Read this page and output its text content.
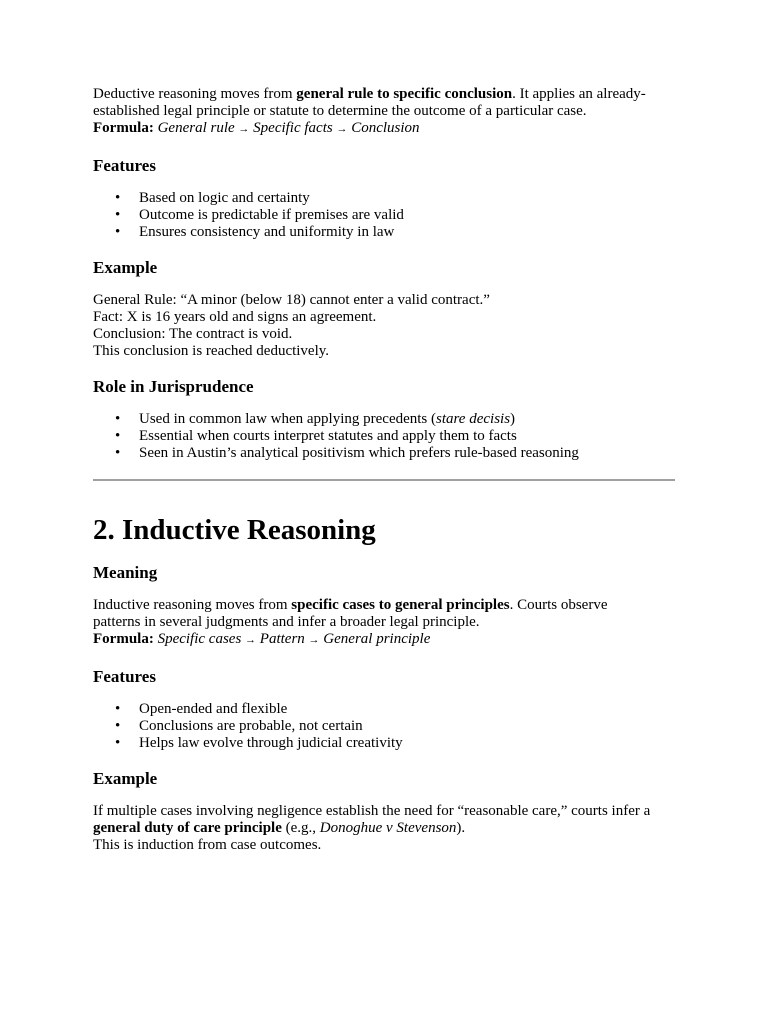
Deductive reasoning moves from general rule to specific conclusion. It applies an already-
established legal principle or statute to determine the outcome of a particular case.

Formula: General rule → Specific facts → Conclusion

Features
• Based on logic and certainty
• Outcome is predictable if premises are valid
• Ensures consistency and uniformity in law
Example

General Rule: “A minor (below 18) cannot enter a valid contract.”

Fact: X is 16 years old and signs an agreement.

Conclusion: The contract is void.

This conclusion is reached deductively.

Role in Jurisprudence
• Used in common law when applying precedents (stare decisis)
• Essential when courts interpret statutes and apply them to facts
• Seen in Austin’s analytical positivism which prefers rule-based reasoning
2. Inductive Reasoning
Meaning

Inductive reasoning moves from specific cases to general principles. Courts observe
patterns in several judgments and infer a broader legal principle.

Formula: Specific cases → Pattern → General principle

Features
• Open-ended and flexible
• Conclusions are probable, not certain
• Helps law evolve through judicial creativity
Example

If multiple cases involving negligence establish the need for “reasonable care,” courts infer a

general duty of care principle (e.g., Donoghue v Stevenson).

This is induction from case outcomes.
